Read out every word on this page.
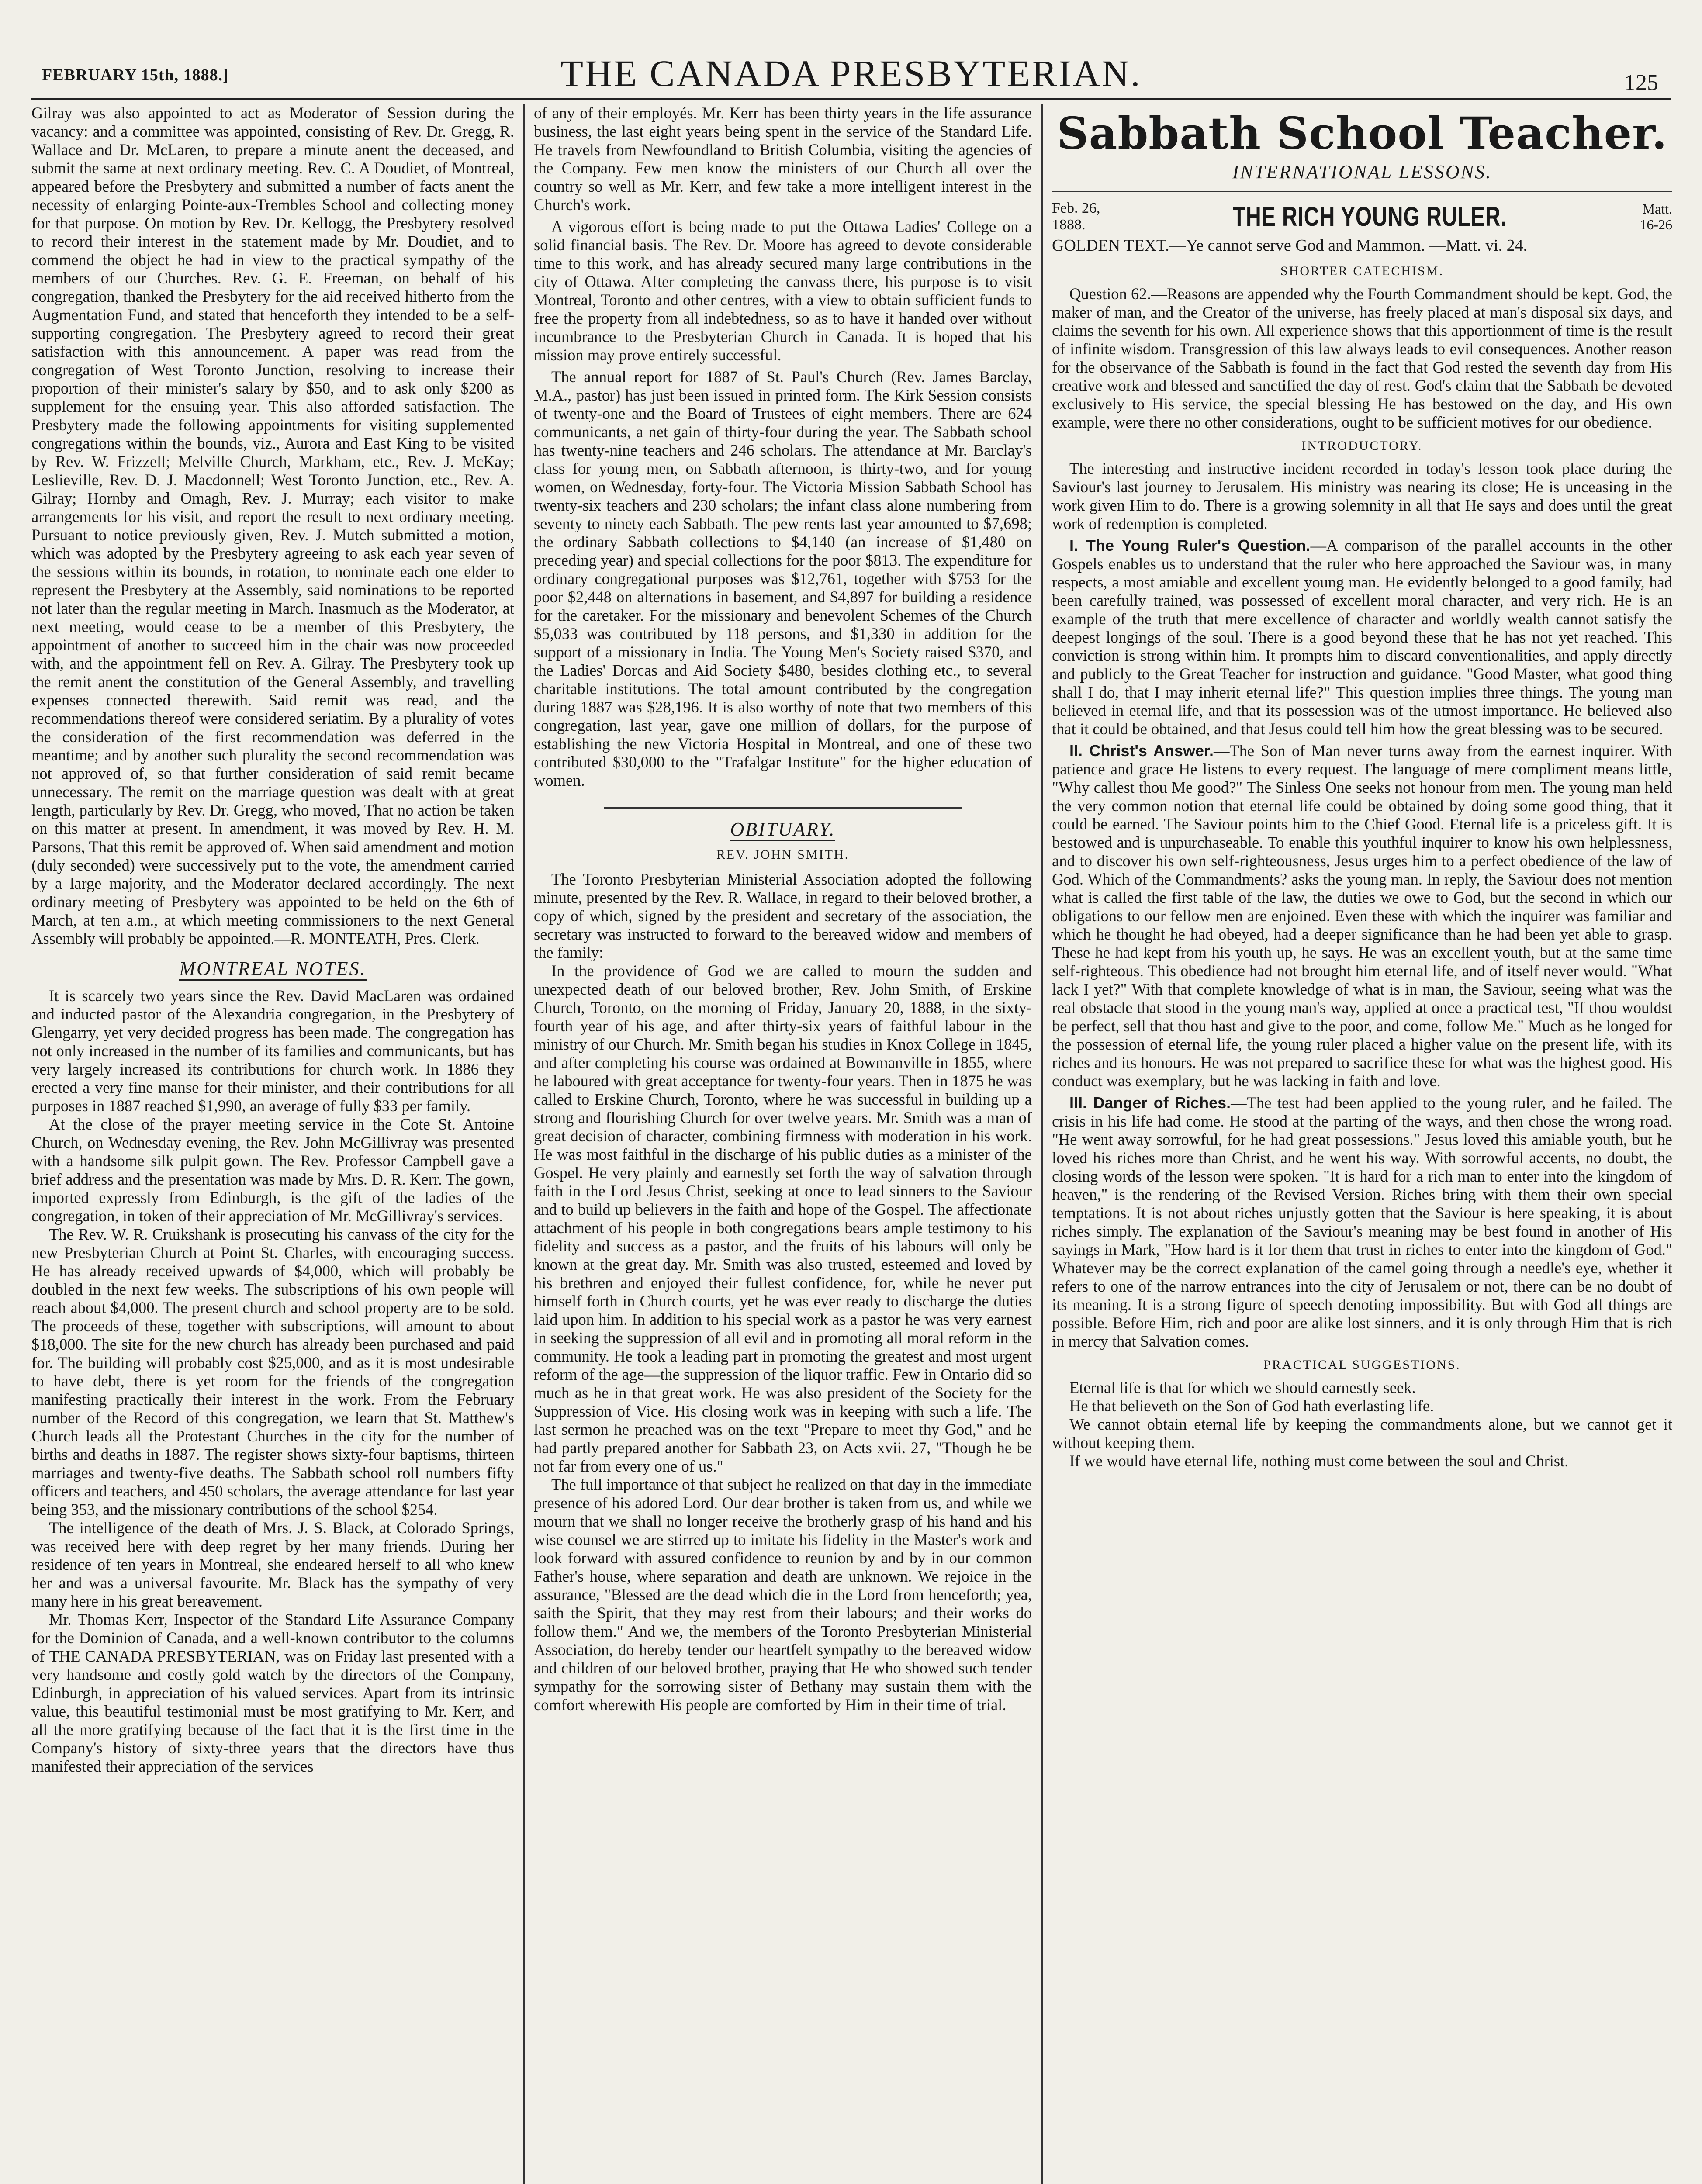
FEBRUARY 15th, 1888.]	THE CANADA PRESBYTERIAN.	125

Gilray was also appointed to act as Moderator of Session during the vacancy: and a committee was appointed, consisting of Rev. Dr. Gregg, R. Wallace and Dr. McLaren, to prepare a minute anent the deceased, and submit the same at next ordinary meeting. Rev. C. A Doudiet, of Montreal, appeared before the Presbytery and submitted a number of facts anent the necessity of enlarging Pointe-aux-Trembles School and collecting money for that purpose. On motion by Rev. Dr. Kellogg, the Presbytery resolved to record their interest in the statement made by Mr. Doudiet, and to commend the object he had in view to the practical sympathy of the members of our Churches. Rev. G. E. Freeman, on behalf of his congregation, thanked the Presbytery for the aid received hitherto from the Augmentation Fund, and stated that henceforth they intended to be a self-supporting congregation. The Presbytery agreed to record their great satisfaction with this announcement. A paper was read from the congregation of West Toronto Junction, resolving to increase their proportion of their minister's salary by $50, and to ask only $200 as supplement for the ensuing year. This also afforded satisfaction. The Presbytery made the following appointments for visiting supplemented congregations within the bounds, viz., Aurora and East King to be visited by Rev. W. Frizzell; Melville Church, Markham, etc., Rev. J. McKay; Leslieville, Rev. D. J. Macdonnell; West Toronto Junction, etc., Rev. A. Gilray; Hornby and Omagh, Rev. J. Murray; each visitor to make arrangements for his visit, and report the result to next ordinary meeting. Pursuant to notice previously given, Rev. J. Mutch submitted a motion, which was adopted by the Presbytery agreeing to ask each year seven of the sessions within its bounds, in rotation, to nominate each one elder to represent the Presbytery at the Assembly, said nominations to be reported not later than the regular meeting in March. Inasmuch as the Moderator, at next meeting, would cease to be a member of this Presbytery, the appointment of another to succeed him in the chair was now proceeded with, and the appointment fell on Rev. A. Gilray. The Presbytery took up the remit anent the constitution of the General Assembly, and travelling expenses connected therewith. Said remit was read, and the recommendations thereof were considered seriatim. By a plurality of votes the consideration of the first recommendation was deferred in the meantime; and by another such plurality the second recommendation was not approved of, so that further consideration of said remit became unnecessary. The remit on the marriage question was dealt with at great length, particularly by Rev. Dr. Gregg, who moved, That no action be taken on this matter at present. In amendment, it was moved by Rev. H. M. Parsons, That this remit be approved of. When said amendment and motion (duly seconded) were successively put to the vote, the amendment carried by a large majority, and the Moderator declared accordingly. The next ordinary meeting of Presbytery was appointed to be held on the 6th of March, at ten a.m., at which meeting commissioners to the next General Assembly will probably be appointed.—R. MONTEATH, Pres. Clerk.

MONTREAL NOTES.

It is scarcely two years since the Rev. David MacLaren was ordained and inducted pastor of the Alexandria congregation, in the Presbytery of Glengarry, yet very decided progress has been made. The congregation has not only increased in the number of its families and communicants, but has very largely increased its contributions for church work. In 1886 they erected a very fine manse for their minister, and their contributions for all purposes in 1887 reached $1,990, an average of fully $33 per family.

At the close of the prayer meeting service in the Cote St. Antoine Church, on Wednesday evening, the Rev. John McGillivray was presented with a handsome silk pulpit gown. The Rev. Professor Campbell gave a brief address and the presentation was made by Mrs. D. R. Kerr. The gown, imported expressly from Edinburgh, is the gift of the ladies of the congregation, in token of their appreciation of Mr. McGillivray's services.

The Rev. W. R. Cruikshank is prosecuting his canvass of the city for the new Presbyterian Church at Point St. Charles, with encouraging success. He has already received upwards of $4,000, which will probably be doubled in the next few weeks. The subscriptions of his own people will reach about $4,000. The present church and school property are to be sold. The proceeds of these, together with subscriptions, will amount to about $18,000. The site for the new church has already been purchased and paid for. The building will probably cost $25,000, and as it is most undesirable to have debt, there is yet room for the friends of the congregation manifesting practically their interest in the work. From the February number of the Record of this congregation, we learn that St. Matthew's Church leads all the Protestant Churches in the city for the number of births and deaths in 1887. The register shows sixty-four baptisms, thirteen marriages and twenty-five deaths. The Sabbath school roll numbers fifty officers and teachers, and 450 scholars, the average attendance for last year being 353, and the missionary contributions of the school $254.

The intelligence of the death of Mrs. J. S. Black, at Colorado Springs, was received here with deep regret by her many friends. During her residence of ten years in Montreal, she endeared herself to all who knew her and was a universal favourite. Mr. Black has the sympathy of very many here in his great bereavement.

Mr. Thomas Kerr, Inspector of the Standard Life Assurance Company for the Dominion of Canada, and a well-known contributor to the columns of THE CANADA PRESBYTERIAN, was on Friday last presented with a very handsome and costly gold watch by the directors of the Company, Edinburgh, in appreciation of his valued services. Apart from its intrinsic value, this beautiful testimonial must be most gratifying to Mr. Kerr, and all the more gratifying because of the fact that it is the first time in the Company's history of sixty-three years that the directors have thus manifested their appreciation of the services

of any of their employés. Mr. Kerr has been thirty years in the life assurance business, the last eight years being spent in the service of the Standard Life. He travels from Newfoundland to British Columbia, visiting the agencies of the Company. Few men know the ministers of our Church all over the country so well as Mr. Kerr, and few take a more intelligent interest in the Church's work.

A vigorous effort is being made to put the Ottawa Ladies' College on a solid financial basis. The Rev. Dr. Moore has agreed to devote considerable time to this work, and has already secured many large contributions in the city of Ottawa. After completing the canvass there, his purpose is to visit Montreal, Toronto and other centres, with a view to obtain sufficient funds to free the property from all indebtedness, so as to have it handed over without incumbrance to the Presbyterian Church in Canada. It is hoped that his mission may prove entirely successful.

The annual report for 1887 of St. Paul's Church (Rev. James Barclay, M.A., pastor) has just been issued in printed form. The Kirk Session consists of twenty-one and the Board of Trustees of eight members. There are 624 communicants, a net gain of thirty-four during the year. The Sabbath school has twenty-nine teachers and 246 scholars. The attendance at Mr. Barclay's class for young men, on Sabbath afternoon, is thirty-two, and for young women, on Wednesday, forty-four. The Victoria Mission Sabbath School has twenty-six teachers and 230 scholars; the infant class alone numbering from seventy to ninety each Sabbath. The pew rents last year amounted to $7,698; the ordinary Sabbath collections to $4,140 (an increase of $1,480 on preceding year) and special collections for the poor $813. The expenditure for ordinary congregational purposes was $12,761, together with $753 for the poor $2,448 on alternations in basement, and $4,897 for building a residence for the caretaker. For the missionary and benevolent Schemes of the Church $5,033 was contributed by 118 persons, and $1,330 in addition for the support of a missionary in India. The Young Men's Society raised $370, and the Ladies' Dorcas and Aid Society $480, besides clothing etc., to several charitable institutions. The total amount contributed by the congregation during 1887 was $28,196. It is also worthy of note that two members of this congregation, last year, gave one million of dollars, for the purpose of establishing the new Victoria Hospital in Montreal, and one of these two contributed $30,000 to the "Trafalgar Institute" for the higher education of women.

OBITUARY.
REV. JOHN SMITH.

The Toronto Presbyterian Ministerial Association adopted the following minute, presented by the Rev. R. Wallace, in regard to their beloved brother, a copy of which, signed by the president and secretary of the association, the secretary was instructed to forward to the bereaved widow and members of the family:

In the providence of God we are called to mourn the sudden and unexpected death of our beloved brother, Rev. John Smith, of Erskine Church, Toronto, on the morning of Friday, January 20, 1888, in the sixty-fourth year of his age, and after thirty-six years of faithful labour in the ministry of our Church. Mr. Smith began his studies in Knox College in 1845, and after completing his course was ordained at Bowmanville in 1855, where he laboured with great acceptance for twenty-four years. Then in 1875 he was called to Erskine Church, Toronto, where he was successful in building up a strong and flourishing Church for over twelve years. Mr. Smith was a man of great decision of character, combining firmness with moderation in his work. He was most faithful in the discharge of his public duties as a minister of the Gospel. He very plainly and earnestly set forth the way of salvation through faith in the Lord Jesus Christ, seeking at once to lead sinners to the Saviour and to build up believers in the faith and hope of the Gospel. The affectionate attachment of his people in both congregations bears ample testimony to his fidelity and success as a pastor, and the fruits of his labours will only be known at the great day. Mr. Smith was also trusted, esteemed and loved by his brethren and enjoyed their fullest confidence, for, while he never put himself forth in Church courts, yet he was ever ready to discharge the duties laid upon him. In addition to his special work as a pastor he was very earnest in seeking the suppression of all evil and in promoting all moral reform in the community. He took a leading part in promoting the greatest and most urgent reform of the age—the suppression of the liquor traffic. Few in Ontario did so much as he in that great work. He was also president of the Society for the Suppression of Vice. His closing work was in keeping with such a life. The last sermon he preached was on the text "Prepare to meet thy God," and he had partly prepared another for Sabbath 23, on Acts xvii. 27, "Though he be not far from every one of us."

The full importance of that subject he realized on that day in the immediate presence of his adored Lord. Our dear brother is taken from us, and while we mourn that we shall no longer receive the brotherly grasp of his hand and his wise counsel we are stirred up to imitate his fidelity in the Master's work and look forward with assured confidence to reunion by and by in our common Father's house, where separation and death are unknown. We rejoice in the assurance, "Blessed are the dead which die in the Lord from henceforth; yea, saith the Spirit, that they may rest from their labours; and their works do follow them." And we, the members of the Toronto Presbyterian Ministerial Association, do hereby tender our heartfelt sympathy to the bereaved widow and children of our beloved brother, praying that He who showed such tender sympathy for the sorrowing sister of Bethany may sustain them with the comfort wherewith His people are comforted by Him in their time of trial.

Sabbath School Teacher.
INTERNATIONAL LESSONS.
Feb. 26,
1888.	THE RICH YOUNG RULER.	Matt.
16-26
GOLDEN TEXT.—Ye cannot serve God and Mammon. —Matt. vi. 24.
SHORTER CATECHISM.

Question 62.—Reasons are appended why the Fourth Commandment should be kept. God, the maker of man, and the Creator of the universe, has freely placed at man's disposal six days, and claims the seventh for his own. All experience shows that this apportionment of time is the result of infinite wisdom. Transgression of this law always leads to evil consequences. Another reason for the observance of the Sabbath is found in the fact that God rested the seventh day from His creative work and blessed and sanctified the day of rest. God's claim that the Sabbath be devoted exclusively to His service, the special blessing He has bestowed on the day, and His own example, were there no other considerations, ought to be sufficient motives for our obedience.

INTRODUCTORY.

The interesting and instructive incident recorded in today's lesson took place during the Saviour's last journey to Jerusalem. His ministry was nearing its close; He is unceasing in the work given Him to do. There is a growing solemnity in all that He says and does until the great work of redemption is completed.

I. The Young Ruler's Question.—A comparison of the parallel accounts in the other Gospels enables us to understand that the ruler who here approached the Saviour was, in many respects, a most amiable and excellent young man. He evidently belonged to a good family, had been carefully trained, was possessed of excellent moral character, and very rich. He is an example of the truth that mere excellence of character and worldly wealth cannot satisfy the deepest longings of the soul. There is a good beyond these that he has not yet reached. This conviction is strong within him. It prompts him to discard conventionalities, and apply directly and publicly to the Great Teacher for instruction and guidance. "Good Master, what good thing shall I do, that I may inherit eternal life?" This question implies three things. The young man believed in eternal life, and that its possession was of the utmost importance. He believed also that it could be obtained, and that Jesus could tell him how the great blessing was to be secured.

II. Christ's Answer.—The Son of Man never turns away from the earnest inquirer. With patience and grace He listens to every request. The language of mere compliment means little, "Why callest thou Me good?" The Sinless One seeks not honour from men. The young man held the very common notion that eternal life could be obtained by doing some good thing, that it could be earned. The Saviour points him to the Chief Good. Eternal life is a priceless gift. It is bestowed and is unpurchaseable. To enable this youthful inquirer to know his own helplessness, and to discover his own self-righteousness, Jesus urges him to a perfect obedience of the law of God. Which of the Commandments? asks the young man. In reply, the Saviour does not mention what is called the first table of the law, the duties we owe to God, but the second in which our obligations to our fellow men are enjoined. Even these with which the inquirer was familiar and which he thought he had obeyed, had a deeper significance than he had been yet able to grasp. These he had kept from his youth up, he says. He was an excellent youth, but at the same time self-righteous. This obedience had not brought him eternal life, and of itself never would. "What lack I yet?" With that complete knowledge of what is in man, the Saviour, seeing what was the real obstacle that stood in the young man's way, applied at once a practical test, "If thou wouldst be perfect, sell that thou hast and give to the poor, and come, follow Me." Much as he longed for the possession of eternal life, the young ruler placed a higher value on the present life, with its riches and its honours. He was not prepared to sacrifice these for what was the highest good. His conduct was exemplary, but he was lacking in faith and love.

III. Danger of Riches.—The test had been applied to the young ruler, and he failed. The crisis in his life had come. He stood at the parting of the ways, and then chose the wrong road. "He went away sorrowful, for he had great possessions." Jesus loved this amiable youth, but he loved his riches more than Christ, and he went his way. With sorrowful accents, no doubt, the closing words of the lesson were spoken. "It is hard for a rich man to enter into the kingdom of heaven," is the rendering of the Revised Version. Riches bring with them their own special temptations. It is not about riches unjustly gotten that the Saviour is here speaking, it is about riches simply. The explanation of the Saviour's meaning may be best found in another of His sayings in Mark, "How hard is it for them that trust in riches to enter into the kingdom of God." Whatever may be the correct explanation of the camel going through a needle's eye, whether it refers to one of the narrow entrances into the city of Jerusalem or not, there can be no doubt of its meaning. It is a strong figure of speech denoting impossibility. But with God all things are possible. Before Him, rich and poor are alike lost sinners, and it is only through Him that is rich in mercy that Salvation comes.

PRACTICAL SUGGESTIONS.

Eternal life is that for which we should earnestly seek.

He that believeth on the Son of God hath everlasting life.

We cannot obtain eternal life by keeping the commandments alone, but we cannot get it without keeping them.

If we would have eternal life, nothing must come between the soul and Christ.
